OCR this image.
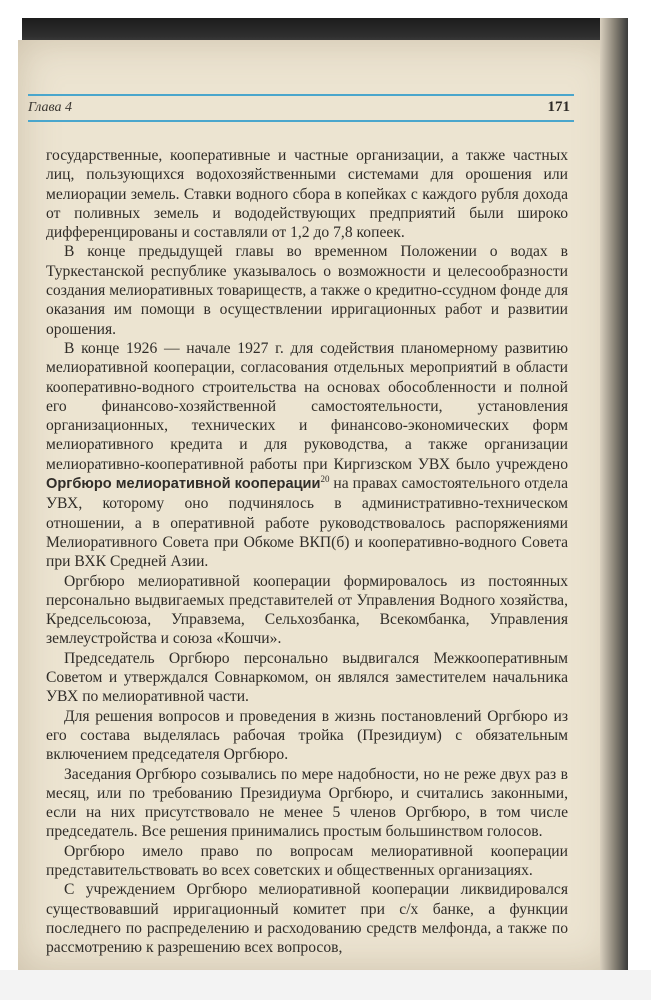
Глава 4	171

государственные, кооперативные и частные организации, а также частных лиц, пользующихся водохозяйственными системами для орошения или мелиорации земель. Ставки водного сбора в копейках с каждого рубля дохода от поливных земель и вододействующих предприятий были широко дифференцированы и составляли от 1,2 до 7,8 копеек.

В конце предыдущей главы во временном Положении о водах в Туркестанской республике указывалось о возможности и целесообразности создания мелиоративных товариществ, а также о кредитно-ссудном фонде для оказания им помощи в осуществлении ирригационных работ и развитии орошения.

В конце 1926 — начале 1927 г. для содействия планомерному развитию мелиоративной кооперации, согласования отдельных мероприятий в области кооперативно-водного строительства на основах обособленности и полной его финансово-хозяйственной самостоятельности, установления организационных, технических и финансово-экономических форм мелиоративного кредита и для руководства, а также организации мелиоративно-кооперативной работы при Киргизском УВХ было учреждено Оргбюро мелиоративной кооперации$^{20}$ на правах самостоятельного отдела УВХ, которому оно подчинялось в административно-техническом отношении, а в оперативной работе руководствовалось распоряжениями Мелиоративного Совета при Обкоме ВКП(б) и кооперативно-водного Совета при ВХК Средней Азии.

Оргбюро мелиоративной кооперации формировалось из постоянных персонально выдвигаемых представителей от Управления Водного хозяйства, Кредсельсоюза, Управзема, Сельхозбанка, Всекомбанка, Управления землеустройства и союза «Кошчи».

Председатель Оргбюро персонально выдвигался Межкооперативным Советом и утверждался Совнаркомом, он являлся заместителем начальника УВХ по мелиоративной части.

Для решения вопросов и проведения в жизнь постановлений Оргбюро из его состава выделялась рабочая тройка (Президиум) с обязательным включением председателя Оргбюро.

Заседания Оргбюро созывались по мере надобности, но не реже двух раз в месяц, или по требованию Президиума Оргбюро, и считались законными, если на них присутствовало не менее 5 членов Оргбюро, в том числе председатель. Все решения принимались простым большинством голосов.

Оргбюро имело право по вопросам мелиоративной кооперации представительствовать во всех советских и общественных организациях.

С учреждением Оргбюро мелиоративной кооперации ликвидировался существовавший ирригационный комитет при с/х банке, а функции последнего по распределению и расходованию средств мелфонда, а также по рассмотрению к разрешению всех вопросов,
